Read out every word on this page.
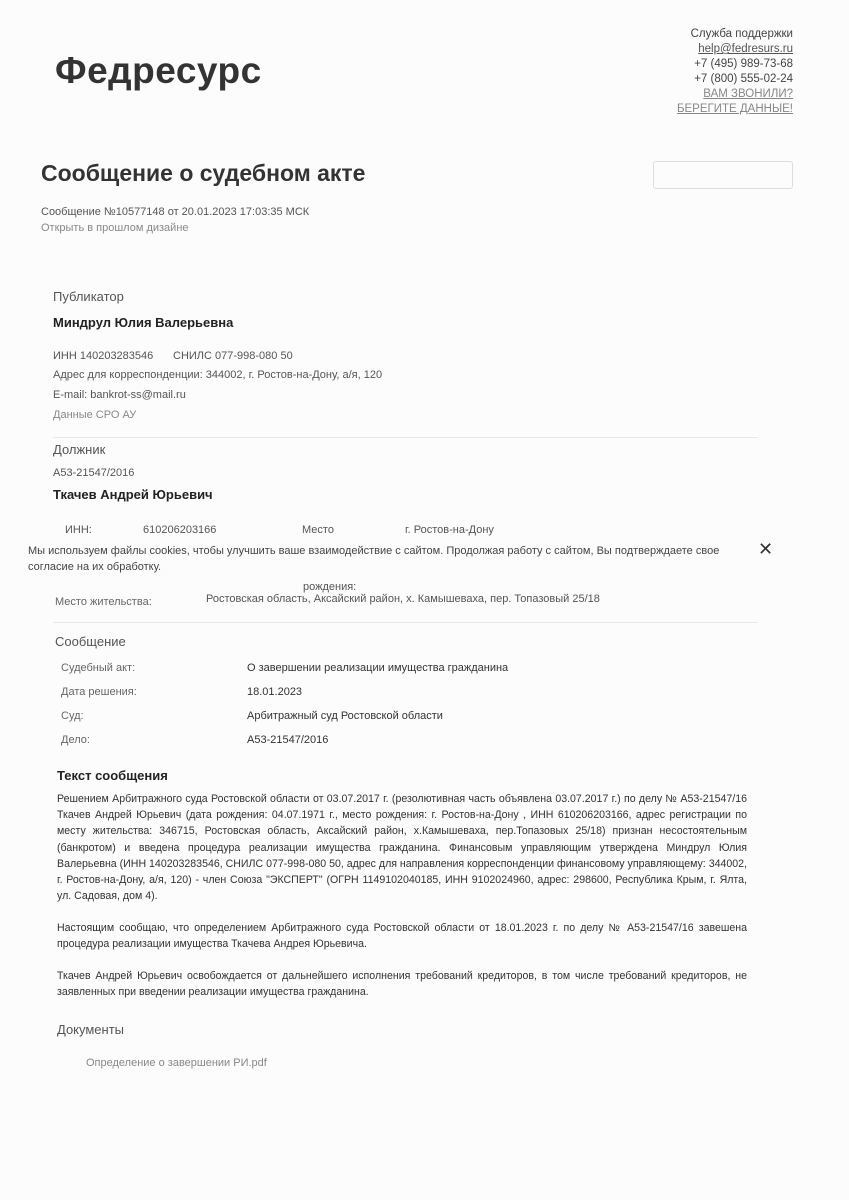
Федресурс
Служба поддержки
help@fedresurs.ru
+7 (495) 989-73-68
+7 (800) 555-02-24
ВАМ ЗВОНИЛИ?
БЕРЕГИТЕ ДАННЫЕ!
Сообщение о судебном акте
Сообщение №10577148 от 20.01.2023 17:03:35 МСК
Открыть в прошлом дизайне
Публикатор
Миндрул Юлия Валерьевна
ИНН 140203283546 СНИЛС 077-998-080 50
Адрес для корреспонденции: 344002, г. Ростов-на-Дону, а/я, 120
E-mail: bankrot-ss@mail.ru
Данные СРО АУ
Должник
А53-21547/2016
Ткачев Андрей Юрьевич
ИНН:	610206203166	Место	г. Ростов-на-Дону
Мы используем файлы cookies, чтобы улучшить ваше взаимодействие с сайтом. Продолжая работу с сайтом, Вы подтверждаете свое согласие на их обработку.
✕
рождения:
Место жительства:	Ростовская область, Аксайский район, х. Камышеваха, пер. Топазовый 25/18
Сообщение
Судебный акт:	О завершении реализации имущества гражданина
Дата решения:	18.01.2023
Суд:	Арбитражный суд Ростовской области
Дело:	А53-21547/2016
Текст сообщения
Решением Арбитражного суда Ростовской области от 03.07.2017 г. (резолютивная часть объявлена 03.07.2017 г.) по делу № А53-21547/16 Ткачев Андрей Юрьевич (дата рождения: 04.07.1971 г., место рождения: г. Ростов-на-Дону , ИНН 610206203166, адрес регистрации по месту жительства: 346715, Ростовская область, Аксайский район, х.Камышеваха, пер.Топазовых 25/18) признан несостоятельным (банкротом) и введена процедура реализации имущества гражданина. Финансовым управляющим утверждена Миндрул Юлия Валерьевна (ИНН 140203283546, СНИЛС 077-998-080 50, адрес для направления корреспонденции финансовому управляющему: 344002, г. Ростов-на-Дону, а/я, 120) - член Союза "ЭКСПЕРТ" (ОГРН 1149102040185, ИНН 9102024960, адрес: 298600, Республика Крым, г. Ялта, ул. Садовая, дом 4).
Настоящим сообщаю, что определением Арбитражного суда Ростовской области от 18.01.2023 г. по делу № А53-21547/16 завешена процедура реализации имущества Ткачева Андрея Юрьевича.
Ткачев Андрей Юрьевич освобождается от дальнейшего исполнения требований кредиторов, в том числе требований кредиторов, не заявленных при введении реализации имущества гражданина.
Документы
Определение о завершении РИ.pdf
